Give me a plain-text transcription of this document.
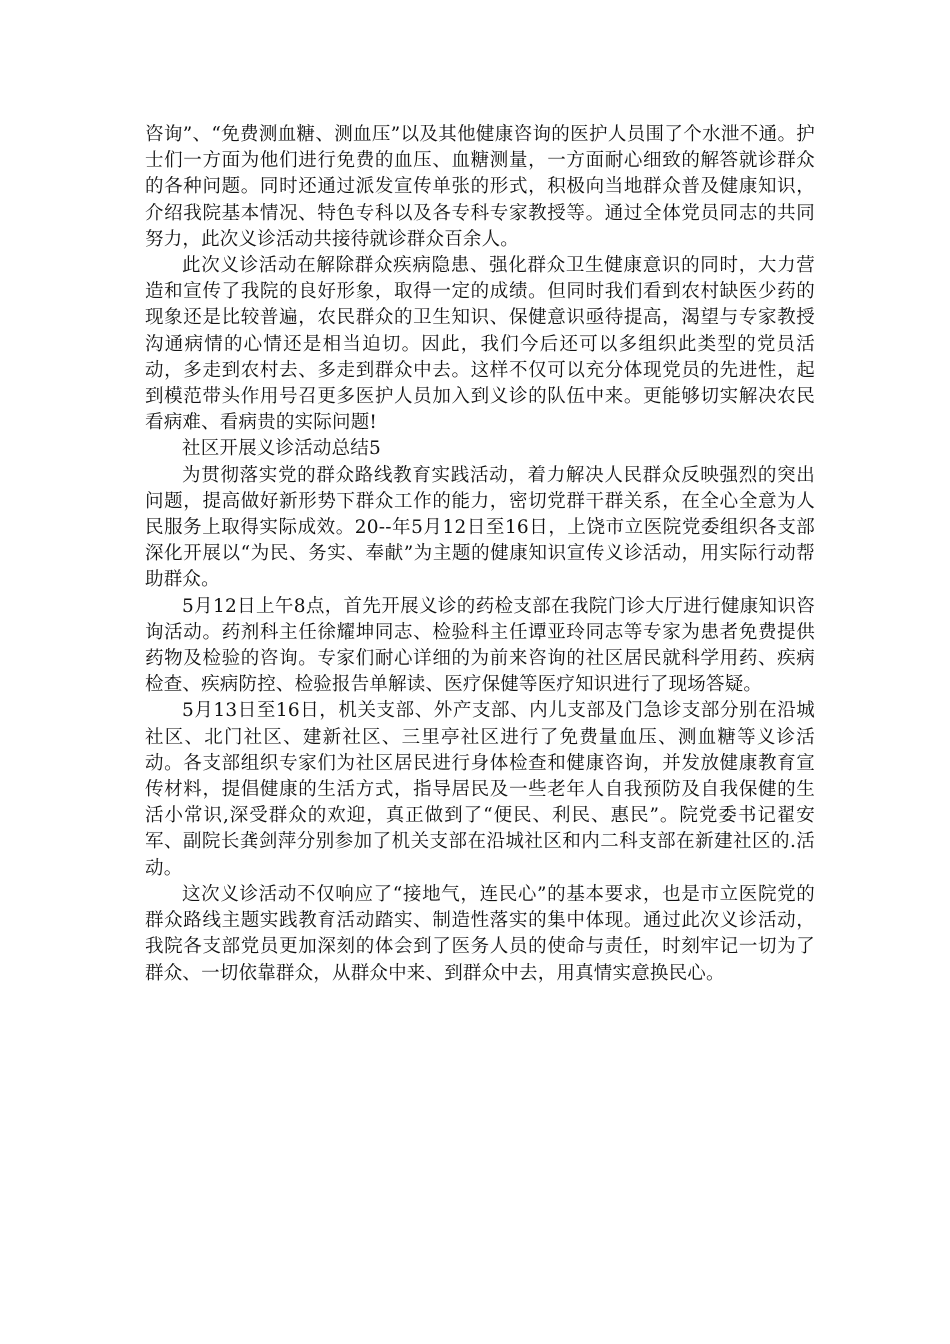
咨询”、“免费测血糖、测血压”以及其他健康咨询的医护人员围了个水泄不通。护士们一方面为他们进行免费的血压、血糖测量，一方面耐心细致的解答就诊群众的各种问题。同时还通过派发宣传单张的形式，积极向当地群众普及健康知识，介绍我院基本情况、特色专科以及各专科专家教授等。通过全体党员同志的共同努力，此次义诊活动共接待就诊群众百余人。

此次义诊活动在解除群众疾病隐患、强化群众卫生健康意识的同时，大力营造和宣传了我院的良好形象，取得一定的成绩。但同时我们看到农村缺医少药的现象还是比较普遍，农民群众的卫生知识、保健意识亟待提高，渴望与专家教授沟通病情的心情还是相当迫切。因此，我们今后还可以多组织此类型的党员活动，多走到农村去、多走到群众中去。这样不仅可以充分体现党员的先进性，起到模范带头作用号召更多医护人员加入到义诊的队伍中来。更能够切实解决农民看病难、看病贵的实际问题!

社区开展义诊活动总结5

为贯彻落实党的群众路线教育实践活动，着力解决人民群众反映强烈的突出问题，提高做好新形势下群众工作的能力，密切党群干群关系，在全心全意为人民服务上取得实际成效。20--年5月12日至16日，上饶市立医院党委组织各支部深化开展以“为民、务实、奉献”为主题的健康知识宣传义诊活动，用实际行动帮助群众。

5月12日上午8点，首先开展义诊的药检支部在我院门诊大厅进行健康知识咨询活动。药剂科主任徐耀坤同志、检验科主任谭亚玲同志等专家为患者免费提供药物及检验的咨询。专家们耐心详细的为前来咨询的社区居民就科学用药、疾病检查、疾病防控、检验报告单解读、医疗保健等医疗知识进行了现场答疑。

5月13日至16日，机关支部、外产支部、内儿支部及门急诊支部分别在沿城社区、北门社区、建新社区、三里亭社区进行了免费量血压、测血糖等义诊活动。各支部组织专家们为社区居民进行身体检查和健康咨询，并发放健康教育宣传材料，提倡健康的生活方式，指导居民及一些老年人自我预防及自我保健的生活小常识,深受群众的欢迎，真正做到了“便民、利民、惠民”。院党委书记翟安军、副院长龚剑萍分别参加了机关支部在沿城社区和内二科支部在新建社区的.活动。

这次义诊活动不仅响应了“接地气，连民心”的基本要求，也是市立医院党的群众路线主题实践教育活动踏实、制造性落实的集中体现。通过此次义诊活动，我院各支部党员更加深刻的体会到了医务人员的使命与责任，时刻牢记一切为了群众、一切依靠群众，从群众中来、到群众中去，用真情实意换民心。
